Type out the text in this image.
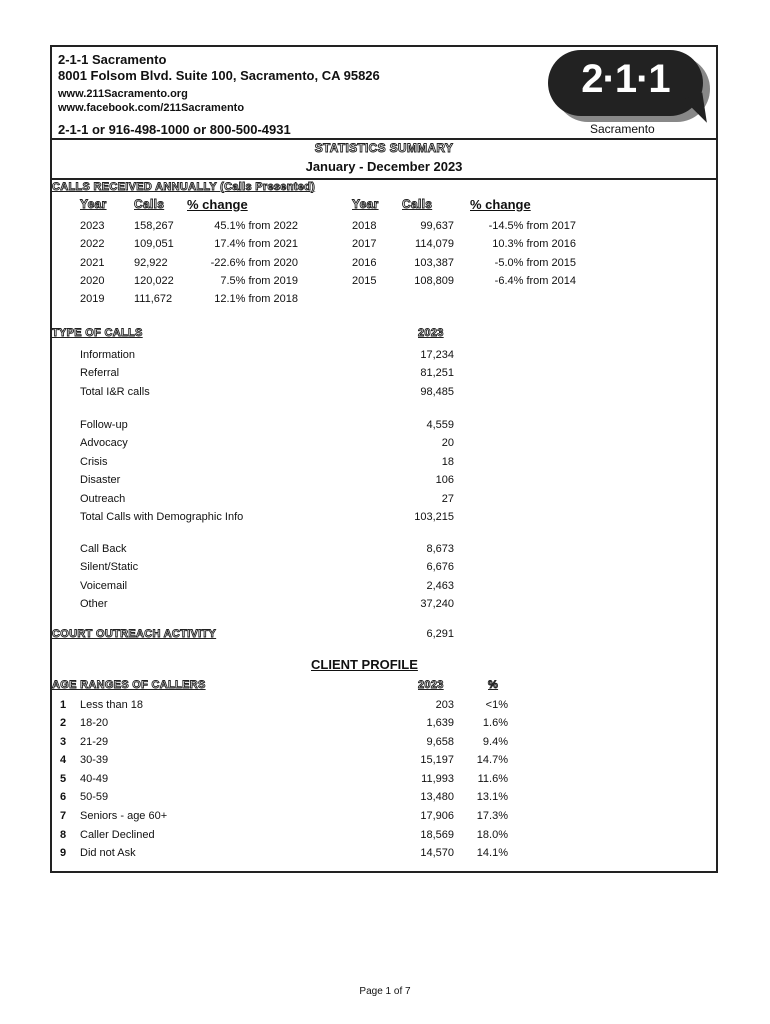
2-1-1 Sacramento
8001 Folsom Blvd. Suite 100, Sacramento, CA 95826
www.211Sacramento.org
www.facebook.com/211Sacramento
2-1-1 or 916-498-1000 or 800-500-4931
2·1·1
Sacramento
STATISTICS SUMMARY
January - December 2023
CALLS RECEIVED ANNUALLY (Calls Presented)
Year Calls % change	Year Calls	% change
2023	158,267	45.1% from 2022
2022	109,051	17.4% from 2021
2021	92,922	-22.6% from 2020
2020	120,022	7.5% from 2019
2019	111,672	12.1% from 2018
2018	99,637	-14.5% from 2017
2017	114,079	10.3% from 2016
2016	103,387	-5.0% from 2015
2015	108,809	-6.4% from 2014
TYPE OF CALLS	2023
Information	17,234
Referral	81,251
Total I&R calls	98,485
Follow-up	4,559
Advocacy	20
Crisis	18
Disaster	106
Outreach	27
Total Calls with Demographic Info	103,215
Call Back	8,673
Silent/Static	6,676
Voicemail	2,463
Other	37,240
COURT OUTREACH ACTIVITY	6,291
CLIENT PROFILE
AGE RANGES OF CALLERS	2023	%
1 Less than 18	203	<1%
2 18-20	1,639	1.6%
3 21-29	9,658	9.4%
4 30-39	15,197	14.7%
5 40-49	11,993	11.6%
6 50-59	13,480	13.1%
7 Seniors - age 60+	17,906	17.3%
8 Caller Declined	18,569	18.0%
9 Did not Ask	14,570	14.1%
Page 1 of 7
